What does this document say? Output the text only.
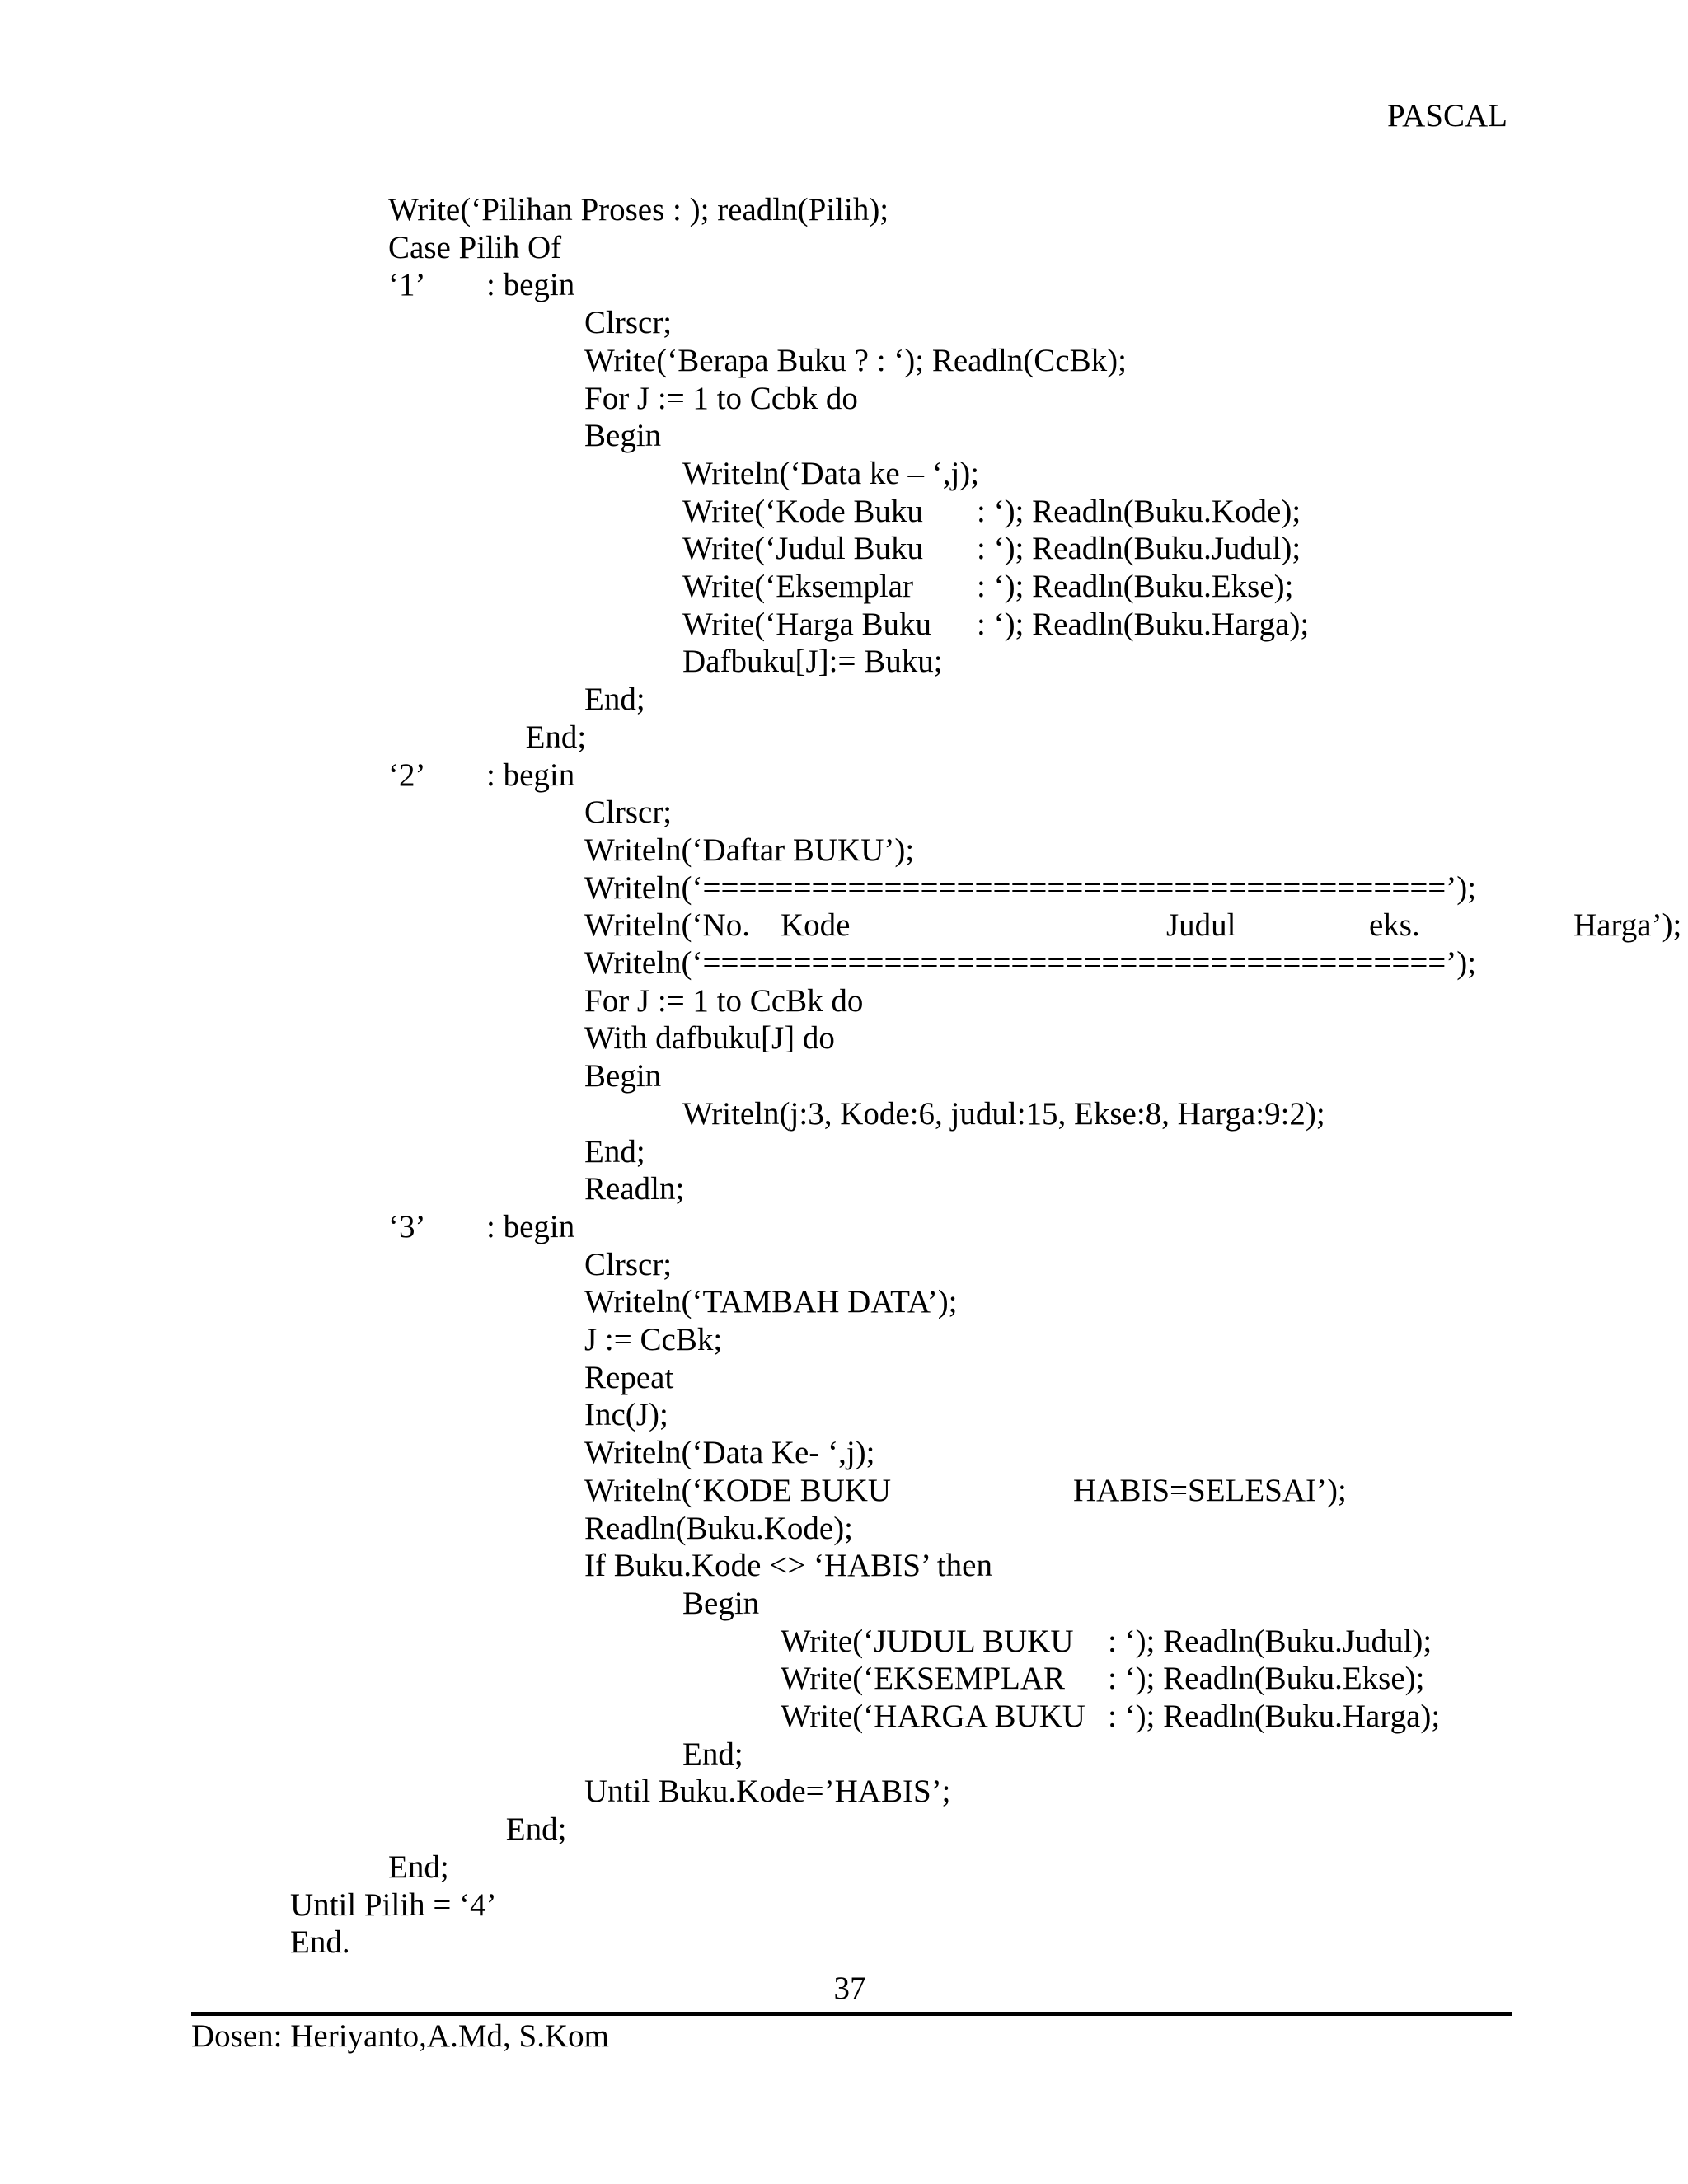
PASCAL
Write(‘Pilihan Proses : ); readln(Pilih);
Case Pilih Of
‘1’ : begin
Clrscr;
Write(‘Berapa Buku ? : ‘); Readln(CcBk);
For J := 1 to Ccbk do
Begin
Writeln(‘Data ke – ‘,j);
Write(‘Kode Buku : ‘); Readln(Buku.Kode);
Write(‘Judul Buku : ‘); Readln(Buku.Judul);
Write(‘Eksemplar : ‘); Readln(Buku.Ekse);
Write(‘Harga Buku : ‘); Readln(Buku.Harga);
Dafbuku[J]:= Buku;
End;
End;
‘2’ : begin
Clrscr;
Writeln(‘Daftar BUKU’);
Writeln(‘=========================================’);
Writeln(‘No. Kode	Judul	eks.	Harga’);
Writeln(‘=========================================’);
For J := 1 to CcBk do
With dafbuku[J] do
Begin
Writeln(j:3, Kode:6, judul:15, Ekse:8, Harga:9:2);
End;
Readln;
‘3’ : begin
Clrscr;
Writeln(‘TAMBAH DATA’);
J := CcBk;
Repeat
Inc(J);
Writeln(‘Data Ke- ‘,j);
Writeln(‘KODE BUKU	HABIS=SELESAI’);
Readln(Buku.Kode);
If Buku.Kode <> ‘HABIS’ then
Begin
Write(‘JUDUL BUKU : ‘); Readln(Buku.Judul);
Write(‘EKSEMPLAR : ‘); Readln(Buku.Ekse);
Write(‘HARGA BUKU : ‘); Readln(Buku.Harga);
End;
Until Buku.Kode=’HABIS’;
End;
End;
Until Pilih = ‘4’
End.
37
Dosen: Heriyanto,A.Md, S.Kom
